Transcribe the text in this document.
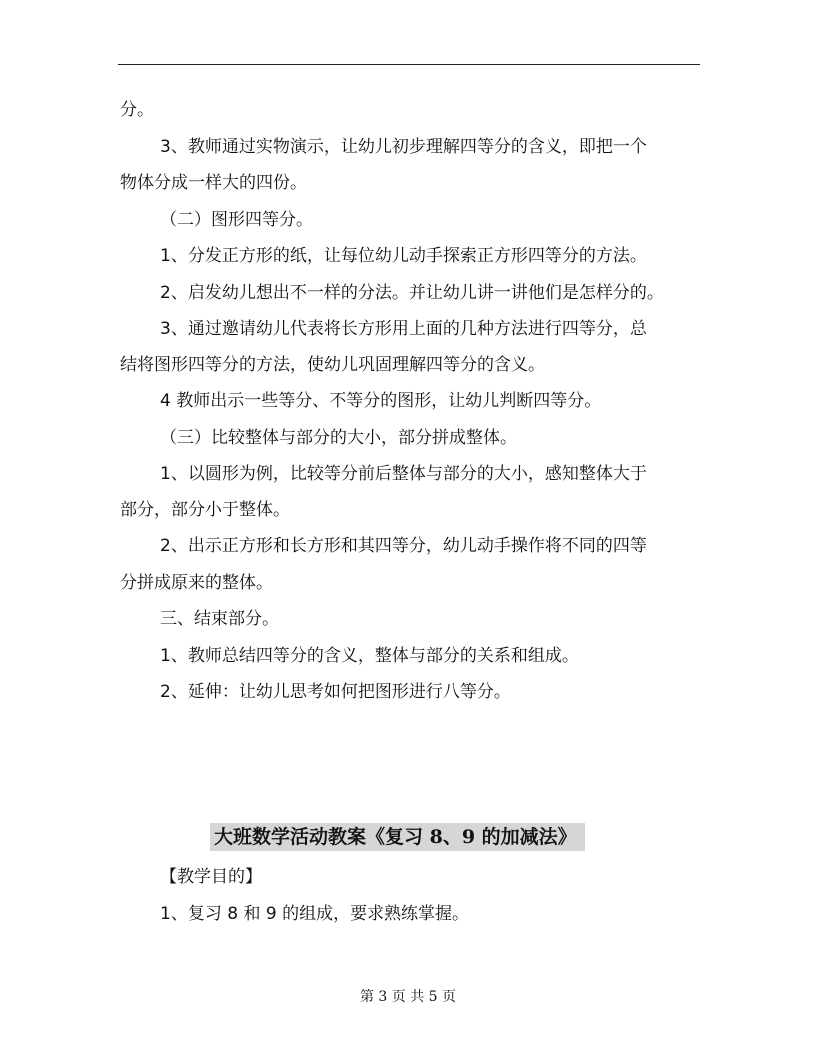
分。
3、教师通过实物演示，让幼儿初步理解四等分的含义，即把一个
物体分成一样大的四份。
（二）图形四等分。
1、分发正方形的纸，让每位幼儿动手探索正方形四等分的方法。
2、启发幼儿想出不一样的分法。并让幼儿讲一讲他们是怎样分的。
3、通过邀请幼儿代表将长方形用上面的几种方法进行四等分，总
结将图形四等分的方法，使幼儿巩固理解四等分的含义。
4 教师出示一些等分、不等分的图形，让幼儿判断四等分。
（三）比较整体与部分的大小，部分拼成整体。
1、以圆形为例，比较等分前后整体与部分的大小，感知整体大于
部分，部分小于整体。
2、出示正方形和长方形和其四等分，幼儿动手操作将不同的四等
分拼成原来的整体。
三、结束部分。
1、教师总结四等分的含义，整体与部分的关系和组成。
2、延伸：让幼儿思考如何把图形进行八等分。
大班数学活动教案《复习 8、9 的加减法》
【教学目的】
1、复习 8 和 9 的组成，要求熟练掌握。
第 3 页 共 5 页
